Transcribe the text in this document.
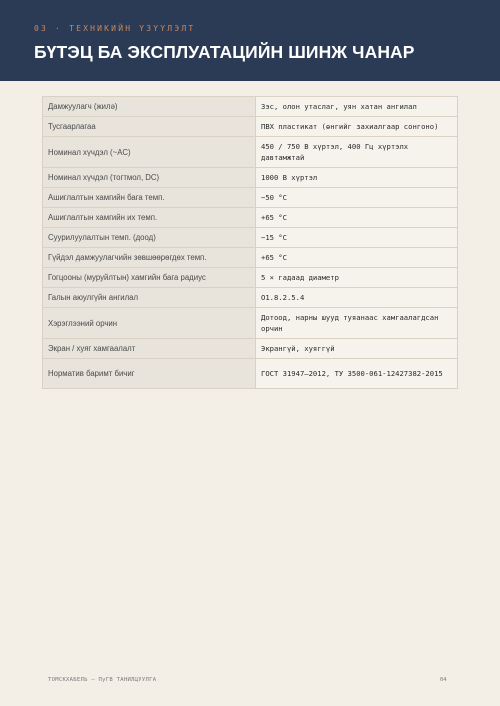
03 · ТЕХНИКИЙН ҮЗҮҮЛЭЛТ
БҮТЭЦ БА ЭКСПЛУАТАЦИЙН ШИНЖ ЧАНАР
Дамжуулагч (жилә)	Зэс, олон утаслаг, уян хатан ангилал
Тусгаарлагаа	ПВХ пластикат (өнгийг захиалгаар сонгоно)
Номинал хүчдэл (~AC)	450 / 750 В хүртэл, 400 Гц хүртэлх давтамжтай
Номинал хүчдэл (тогтмол, DC)	1000 В хүртэл
Ашиглалтын хамгийн бага темп.	−50 °C
Ашиглалтын хамгийн их темп.	+65 °C
Суурилуулалтын темп. (доод)	−15 °C
Гүйдэл дамжуулагчийн зөвшөөрөгдөх темп.	+65 °C
Гогцооны (муруйлтын) хамгийн бага радиус	5 × гадаад диаметр
Галын аюулгүйн ангилал	О1.8.2.5.4
Хэрэглээний орчин	Дотоод, нарны шууд туяанаас хамгаалагдсан орчин
Экран / хуяг хамгаалалт	Экрангүй, хуяггүй
Норматив баримт бичиг	ГОСТ 31947–2012, ТУ 3500-061-12427382-2015
ТОМСКХАБЕЛЬ — ПуГВ ТАНИЛЦУУЛГА	04
